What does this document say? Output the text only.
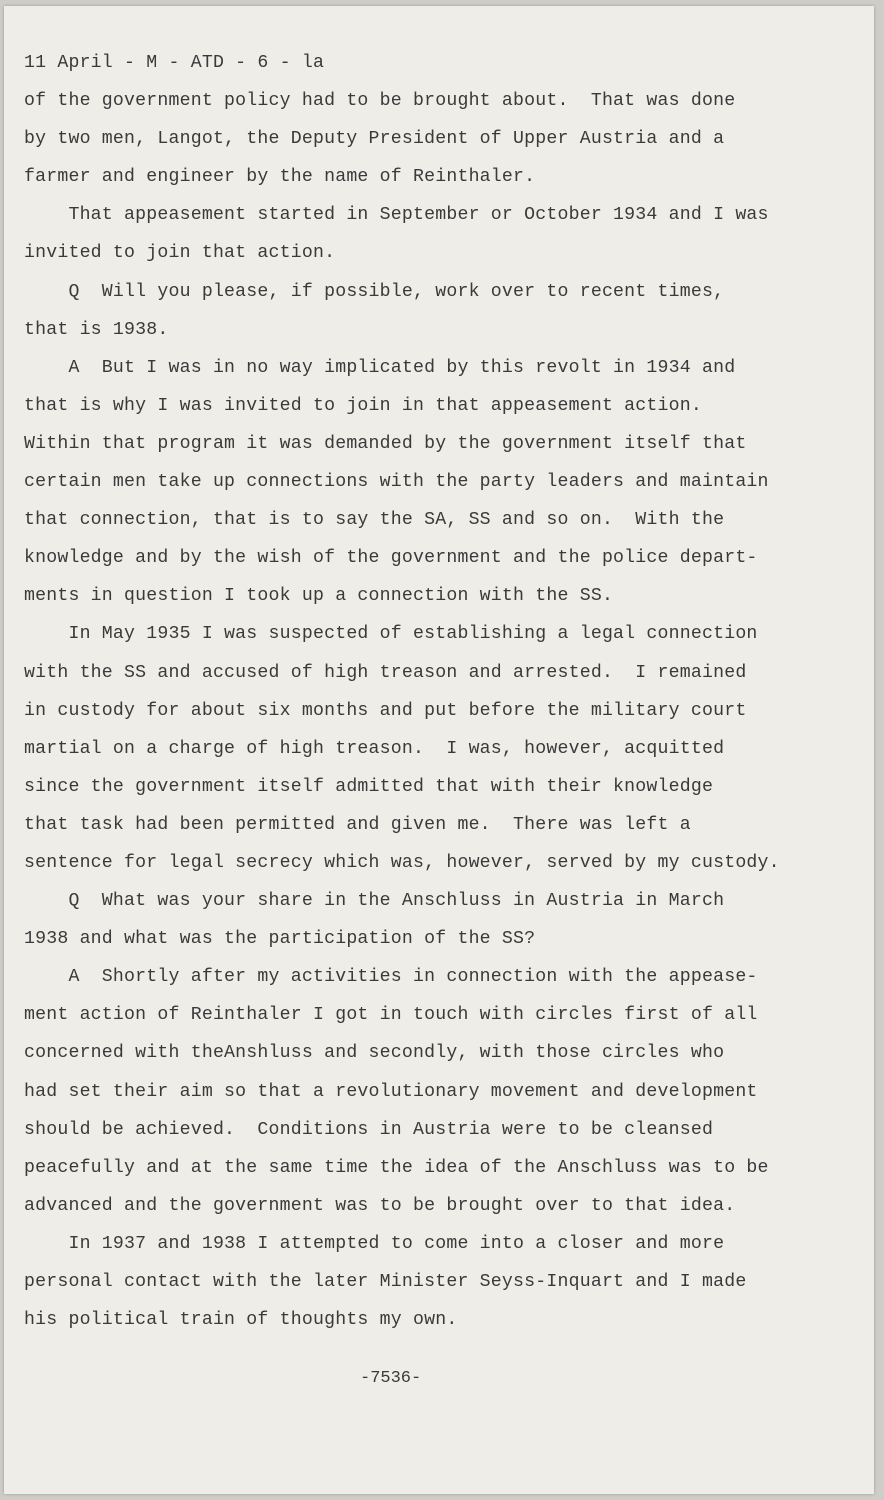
11 April - M - ATD - 6 - la

of the government policy had to be brought about.  That was done

by two men, Langot, the Deputy President of Upper Austria and a

farmer and engineer by the name of Reinthaler.

That appeasement started in September or October 1934 and I was

invited to join that action.

Q  Will you please, if possible, work over to recent times,

that is 1938.

A  But I was in no way implicated by this revolt in 1934 and

that is why I was invited to join in that appeasement action.

Within that program it was demanded by the government itself that

certain men take up connections with the party leaders and maintain

that connection, that is to say the SA, SS and so on.  With the

knowledge and by the wish of the government and the police depart-

ments in question I took up a connection with the SS.

In May 1935 I was suspected of establishing a legal connection

with the SS and accused of high treason and arrested.  I remained

in custody for about six months and put before the military court

martial on a charge of high treason.  I was, however, acquitted

since the government itself admitted that with their knowledge

that task had been permitted and given me.  There was left a

sentence for legal secrecy which was, however, served by my custody.

Q  What was your share in the Anschluss in Austria in March

1938 and what was the participation of the SS?

A  Shortly after my activities in connection with the appease-

ment action of Reinthaler I got in touch with circles first of all

concerned with theAnshluss and secondly, with those circles who

had set their aim so that a revolutionary movement and development

should be achieved.  Conditions in Austria were to be cleansed

peacefully and at the same time the idea of the Anschluss was to be

advanced and the government was to be brought over to that idea.

In 1937 and 1938 I attempted to come into a closer and more

personal contact with the later Minister Seyss-Inquart and I made

his political train of thoughts my own.

-7536-
